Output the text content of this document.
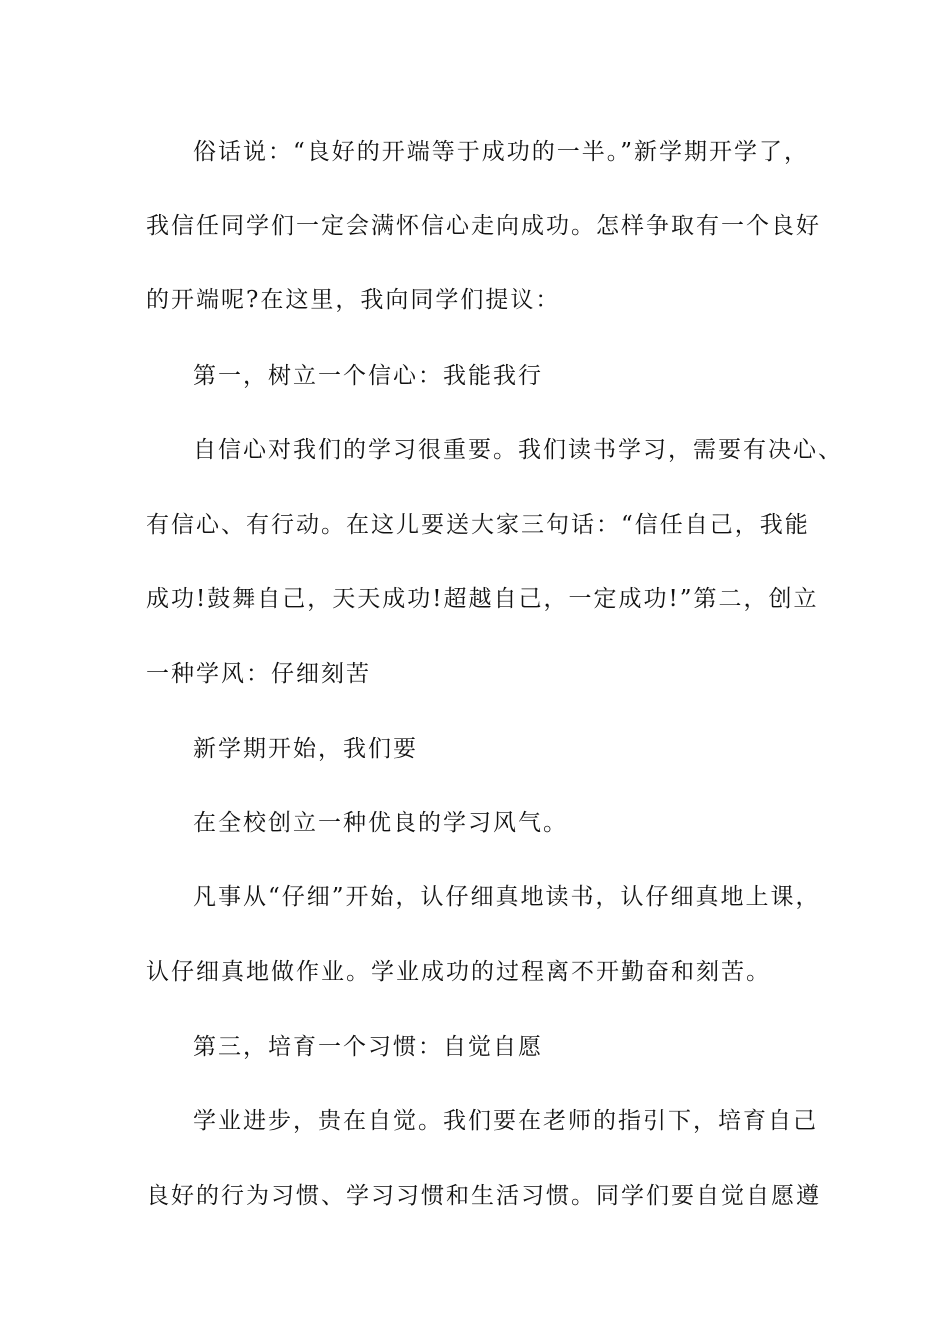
俗话说：“良好的开端等于成功的一半。”新学期开学了，
我信任同学们一定会满怀信心走向成功。怎样争取有一个良好
的开端呢?在这里，我向同学们提议：
第一，树立一个信心：我能我行
自信心对我们的学习很重要。我们读书学习，需要有决心、
有信心、有行动。在这儿要送大家三句话：“信任自己，我能
成功!鼓舞自己，天天成功!超越自己，一定成功!”第二，创立
一种学风：仔细刻苦
新学期开始，我们要
在全校创立一种优良的学习风气。
凡事从“仔细”开始，认仔细真地读书，认仔细真地上课，
认仔细真地做作业。学业成功的过程离不开勤奋和刻苦。
第三，培育一个习惯：自觉自愿
学业进步，贵在自觉。我们要在老师的指引下，培育自己
良好的行为习惯、学习习惯和生活习惯。同学们要自觉自愿遵
